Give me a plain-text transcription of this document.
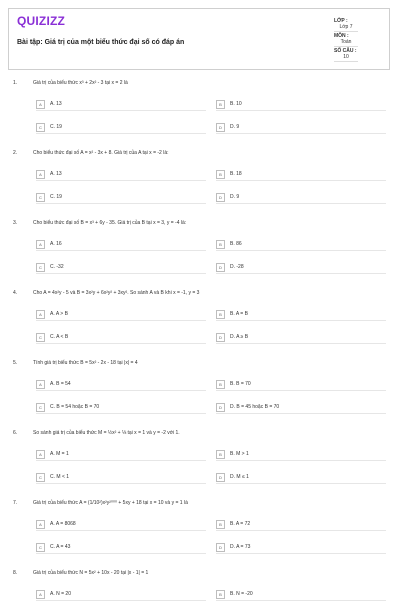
QUIZIZZ
Bài tập: Giá trị của một biểu thức đại số có đáp án
LỚP : Lớp 7
MÔN : Toán
SỐ CÂU : 10
1.	Giá trị của biểu thức x³ + 2x² - 3 tại x = 2 là
A	A. 13	B	B. 10
C	C. 19	D	D. 9
2.	Cho biểu thức đại số A = x² - 3x + 8. Giá trị của A tại x = -2 là:
A	A. 13	B	B. 18
C	C. 19	D	D. 9
3.	Cho biểu thức đại số B = x³ + 6y - 35. Giá trị của B tại x = 3, y = -4 là:
A	A. 16	B	B. 86
C	C. -32	D	D. -28
4.	Cho A = 4x²y - 5 và B = 3x²y + 6x²y² + 3xy². So sánh A và B khi x = -1, y = 3
A	A. A > B	B	B. A = B
C	C. A < B	D	D. A ≥ B
5.	Tính giá trị biểu thức B = 5x² - 2x - 18 tại |x| = 4
A	A. B = 54	B	B. B = 70
C	C. B = 54 hoặc B = 70	D	D. B = 45 hoặc B = 70
6.	So sánh giá trị của biểu thức M = ½x² + ⅛ tại x = 1 và y = -2 với 1.
A	A. M = 1	B	B. M > 1
C	C. M < 1	D	D. M ≤ 1
7.	Giá trị của biểu thức A = (1/10²)x²y²⁰⁰⁰ + 5xy + 18 tại x = 10 và y = 1 là
A	A. A = 8068	B	B. A = 72
C	C. A = 43	D	D. A = 73
8.	Giá trị của biểu thức N = 5x² + 10x - 20 tại |x - 1| = 1
A	A. N = 20	B	B. N = -20
